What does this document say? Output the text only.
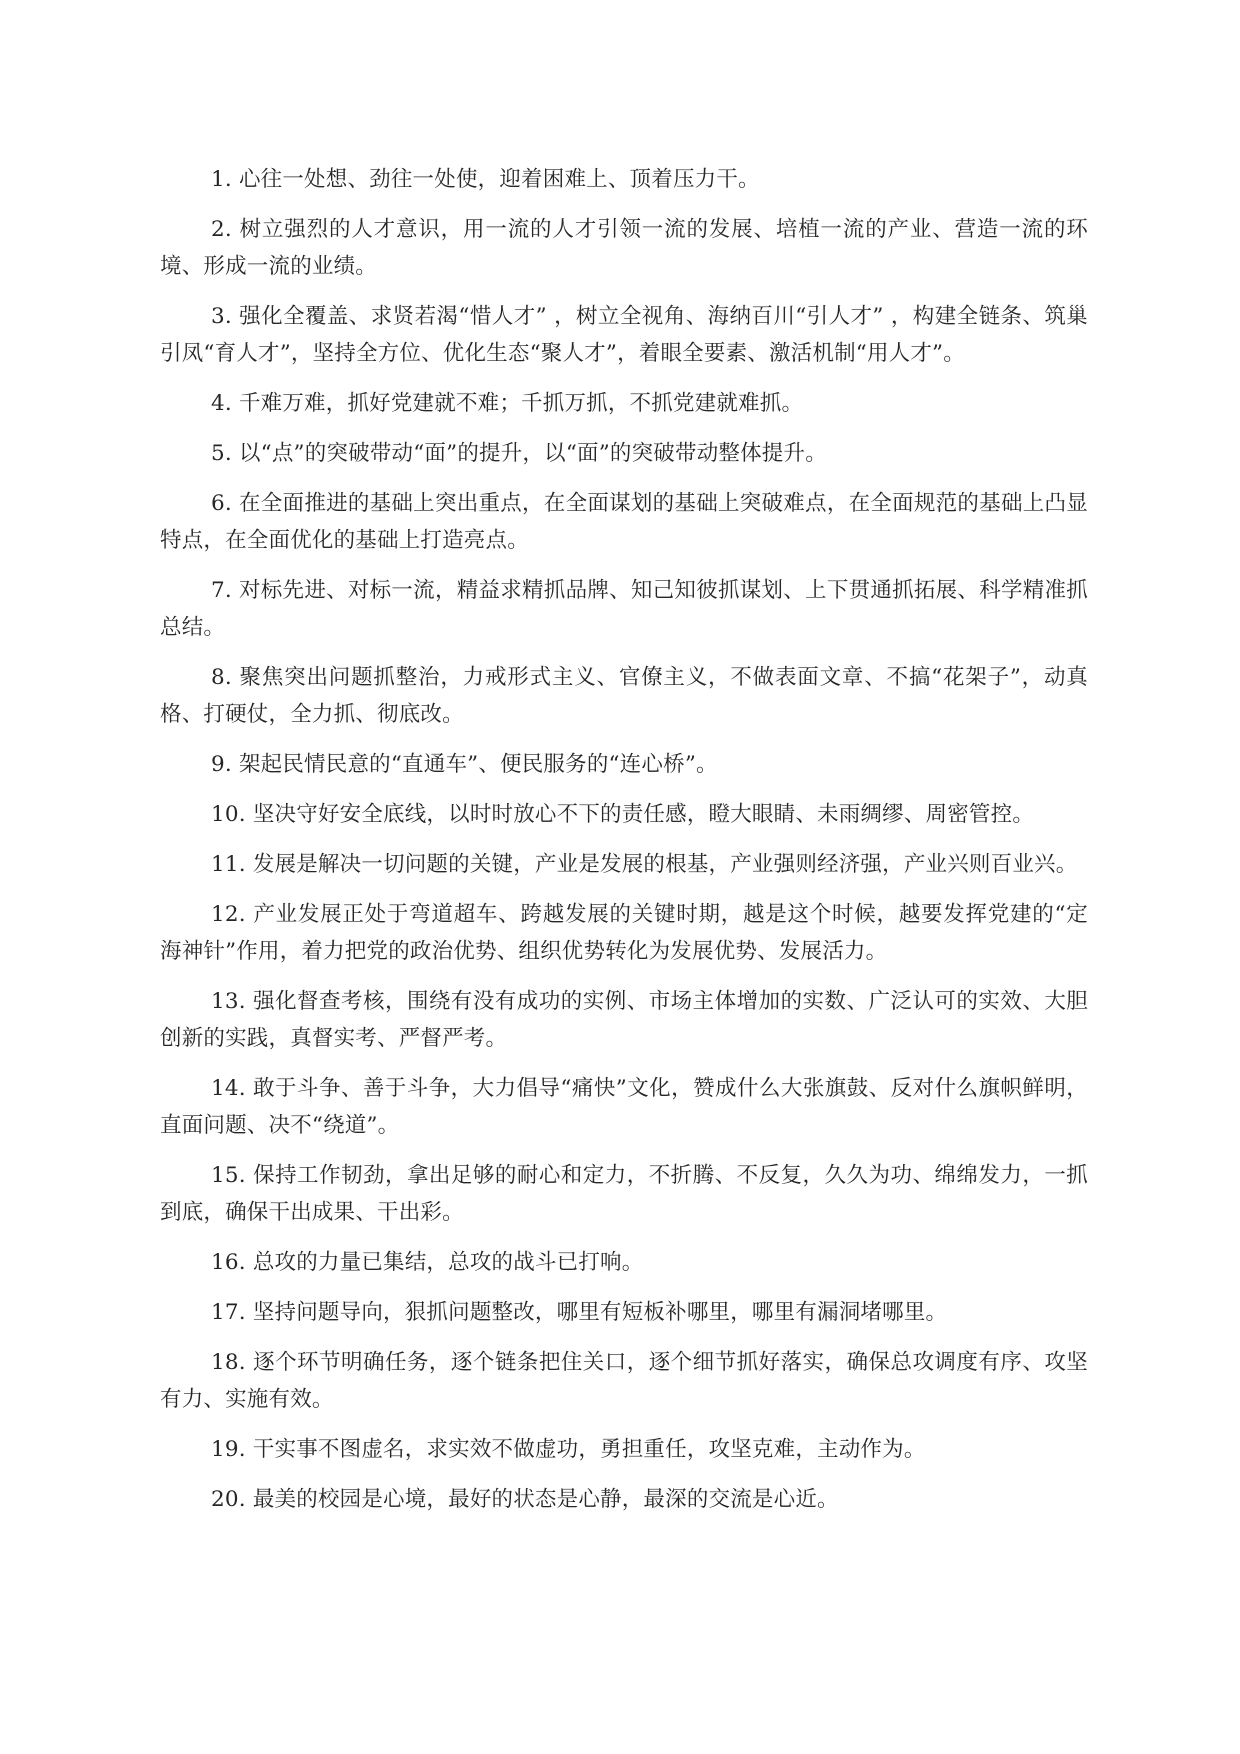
1. 心往一处想、劲往一处使，迎着困难上、顶着压力干。

2. 树立强烈的人才意识，用一流的人才引领一流的发展、培植一流的产业、营造一流的环境、形成一流的业绩。

3. 强化全覆盖、求贤若渴“惜人才” ，树立全视角、海纳百川“引人才” ，构建全链条、筑巢引凤“育人才”，坚持全方位、优化生态“聚人才”，着眼全要素、激活机制“用人才”。

4. 千难万难，抓好党建就不难；千抓万抓，不抓党建就难抓。

5. 以“点”的突破带动“面”的提升，以“面”的突破带动整体提升。

6. 在全面推进的基础上突出重点，在全面谋划的基础上突破难点，在全面规范的基础上凸显特点，在全面优化的基础上打造亮点。

7. 对标先进、对标一流，精益求精抓品牌、知己知彼抓谋划、上下贯通抓拓展、科学精准抓总结。

8. 聚焦突出问题抓整治，力戒形式主义、官僚主义，不做表面文章、不搞“花架子”，动真格、打硬仗，全力抓、彻底改。

9. 架起民情民意的“直通车”、便民服务的“连心桥”。

10. 坚决守好安全底线，以时时放心不下的责任感，瞪大眼睛、未雨绸缪、周密管控。

11. 发展是解决一切问题的关键，产业是发展的根基，产业强则经济强，产业兴则百业兴。

12. 产业发展正处于弯道超车、跨越发展的关键时期，越是这个时候，越要发挥党建的“定海神针”作用，着力把党的政治优势、组织优势转化为发展优势、发展活力。

13. 强化督查考核，围绕有没有成功的实例、市场主体增加的实数、广泛认可的实效、大胆创新的实践，真督实考、严督严考。

14. 敢于斗争、善于斗争，大力倡导“痛快”文化，赞成什么大张旗鼓、反对什么旗帜鲜明，直面问题、决不“绕道”。

15. 保持工作韧劲，拿出足够的耐心和定力，不折腾、不反复，久久为功、绵绵发力，一抓到底，确保干出成果、干出彩。

16. 总攻的力量已集结，总攻的战斗已打响。

17. 坚持问题导向，狠抓问题整改，哪里有短板补哪里，哪里有漏洞堵哪里。

18. 逐个环节明确任务，逐个链条把住关口，逐个细节抓好落实，确保总攻调度有序、攻坚有力、实施有效。

19. 干实事不图虚名，求实效不做虚功，勇担重任，攻坚克难，主动作为。

20. 最美的校园是心境，最好的状态是心静，最深的交流是心近。
